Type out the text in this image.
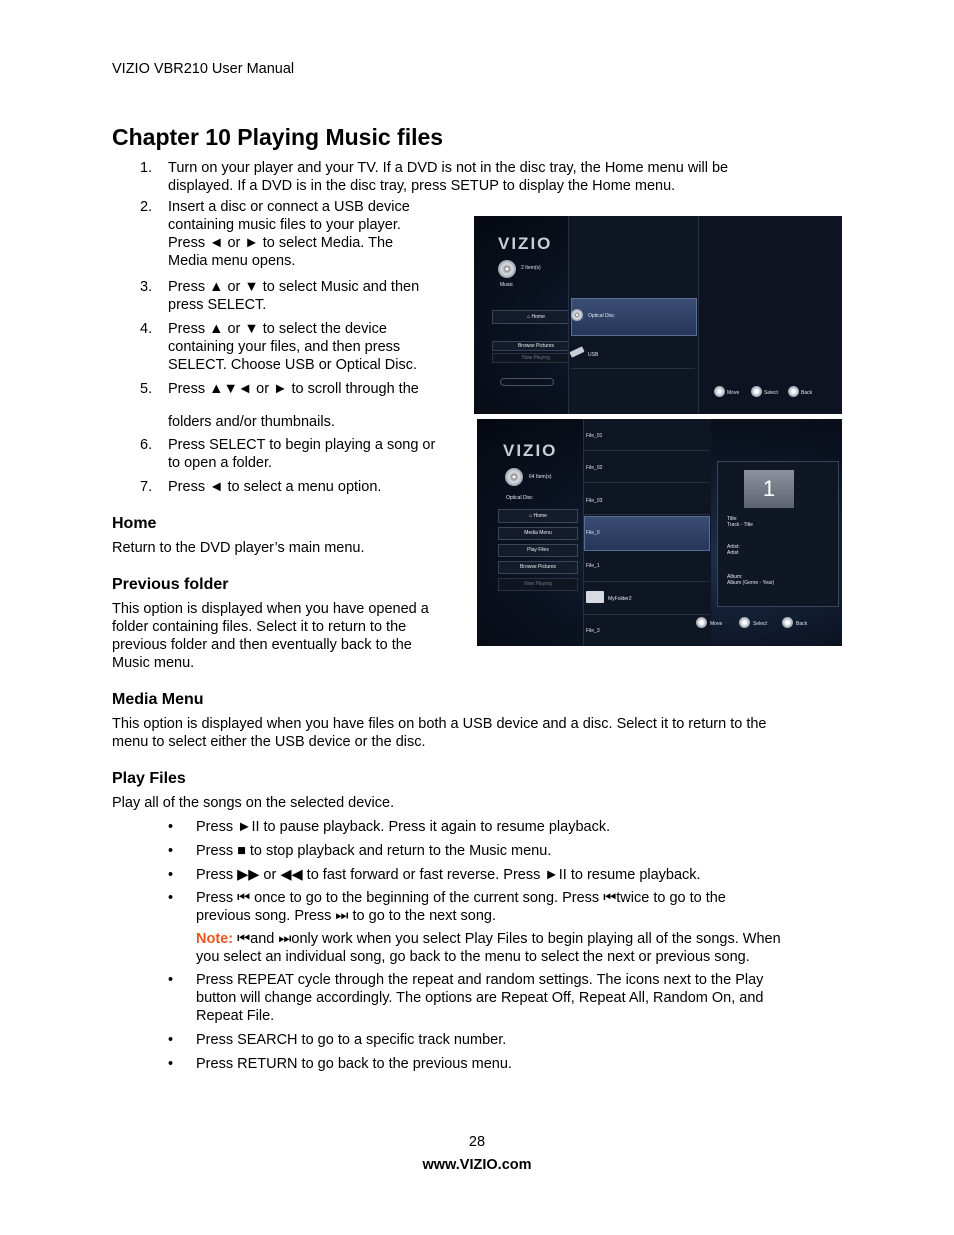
VIZIO VBR210 User Manual
Chapter 10 Playing Music files
1.	Turn on your player and your TV. If a DVD is not in the disc tray, the Home menu will be
displayed. If a DVD is in the disc tray, press SETUP to display the Home menu.
2.	Insert a disc or connect a USB device
containing music files to your player.
Press ◄ or ► to select Media. The
Media menu opens.
3.	Press ▲ or ▼ to select Music and then
press SELECT.
4.	Press ▲ or ▼ to select the device
containing your files, and then press
SELECT. Choose USB or Optical Disc.
5.	Press ▲▼◄ or ► to scroll through the
folders and/or thumbnails.
6.	Press SELECT to begin playing a song or
to open a folder.
7.	Press ◄ to select a menu option.
Home
Return to the DVD player’s main menu.
Previous folder
This option is displayed when you have opened a
folder containing files. Select it to return to the
previous folder and then eventually back to the
Music menu.
Media Menu
This option is displayed when you have files on both a USB device and a disc. Select it to return to the
menu to select either the USB device or the disc.
Play Files
Play all of the songs on the selected device.
• Press ►II to pause playback. Press it again to resume playback.
• Press ■ to stop playback and return to the Music menu.
• Press ▶▶ or ◀◀ to fast forward or fast reverse. Press ►II to resume playback.
• Press ⏮ once to go to the beginning of the current song. Press ⏮twice to go to the
previous song. Press ⏭ to go to the next song.
Note: ⏮and ⏭only work when you select Play Files to begin playing all of the songs. When
you select an individual song, go back to the menu to select the next or previous song.
• Press REPEAT cycle through the repeat and random settings. The icons next to the Play
button will change accordingly. The options are Repeat Off, Repeat All, Random On, and
Repeat File.
• Press SEARCH to go to a specific track number.
• Press RETURN to go back to the previous menu.
VIZIO
2 Item(s)
Music
⌂ Home
Browse Pictures
Now Playing
Optical Disc
USB
Move	Select	Back
VIZIO
64 Item(s)
Optical Disc
⌂ Home
Media Menu
Play Files
Browse Pictures
Now Playing
File_01
File_02
File_03
File_0
File_1
MyFolder2
File_3
1
Title:
Track - Title
Artist:
Artist
Album:
Album (Genre - Year)
Move	Select	Back
28
www.VIZIO.com
